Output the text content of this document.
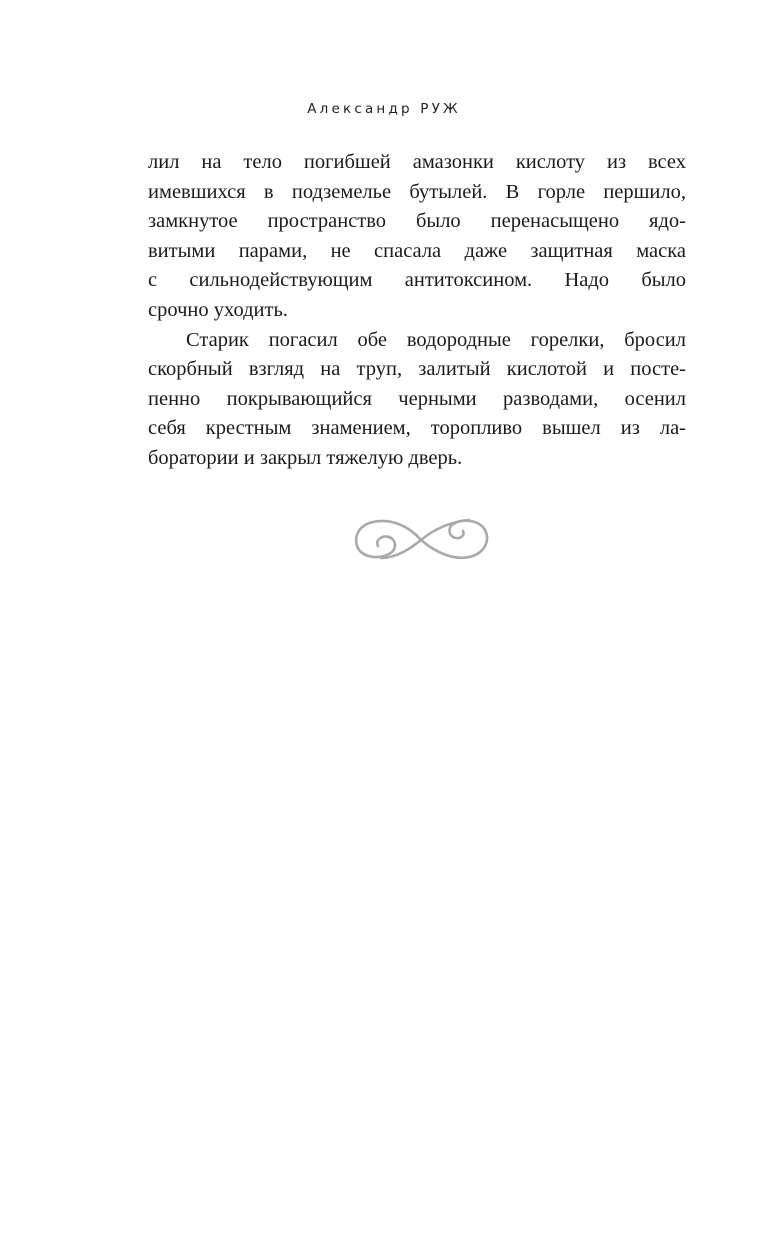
Александр РУЖ
лил на тело погибшей амазонки кислоту из всех
имевшихся в подземелье бутылей. В горле першило,
замкнутое пространство было перенасыщено ядо-
витыми парами, не спасала даже защитная маска
с сильнодействующим антитоксином. Надо было
срочно уходить.
Старик погасил обе водородные горелки, бросил
скорбный взгляд на труп, залитый кислотой и посте-
пенно покрывающийся черными разводами, осенил
себя крестным знамением, торопливо вышел из ла-
боратории и закрыл тяжелую дверь.
